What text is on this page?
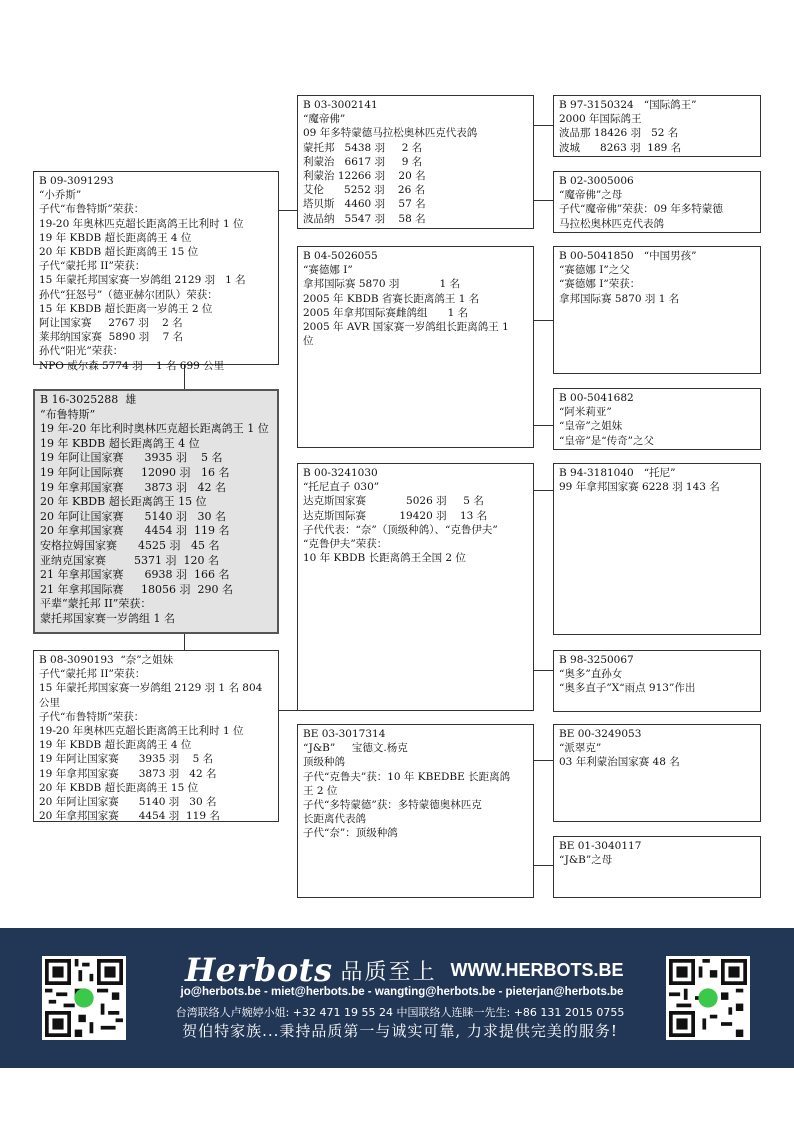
B 09-3091293
“小乔斯”
子代“布鲁特斯”荣获：
19-20 年奥林匹克超长距离鸽王比利时 1 位
19 年 KBDB 超长距离鸽王 4 位
20 年 KBDB 超长距离鸽王 15 位
子代“蒙托邦 II”荣获：
15 年蒙托邦国家赛一岁鸽组 2129 羽   1 名
孙代“狂怒号”（德亚赫尔团队）荣获：
15 年 KBDB 超长距离一岁鸽王 2 位
阿让国家赛     2767 羽    2 名
莱邦纳国家赛  5890 羽    7 名
孙代“阳光”荣获：
NPO 威尔森 5774 羽    1 名 699 公里
B 16-3025288  雄
“布鲁特斯”
19 年-20 年比利时奥林匹克超长距离鸽王 1 位
19 年 KBDB 超长距离鸽王 4 位
19 年阿让国家赛      3935 羽    5 名
19 年阿让国际赛     12090 羽   16 名
19 年拿邦国家赛      3873 羽   42 名
20 年 KBDB 超长距离鸽王 15 位
20 年阿让国家赛      5140 羽   30 名
20 年拿邦国家赛      4454 羽  119 名
安格拉姆国家赛      4525 羽   45 名
亚纳克国家赛        5371 羽  120 名
21 年拿邦国家赛      6938 羽  166 名
21 年拿邦国际赛     18056 羽  290 名
平辈“蒙托邦 II”荣获：
蒙托邦国家赛一岁鸽组 1 名
B 08-3090193  “奈”之姐妹
子代“蒙托邦 II”荣获：
15 年蒙托邦国家赛一岁鸽组 2129 羽 1 名 804
公里
子代“布鲁特斯”荣获：
19-20 年奥林匹克超长距离鸽王比利时 1 位
19 年 KBDB 超长距离鸽王 4 位
19 年阿让国家赛      3935 羽    5 名
19 年拿邦国家赛      3873 羽   42 名
20 年 KBDB 超长距离鸽王 15 位
20 年阿让国家赛      5140 羽   30 名
20 年拿邦国家赛      4454 羽  119 名
B 03-3002141
“魔帝佛”
09 年多特蒙德马拉松奥林匹克代表鸽
蒙托邦   5438 羽     2 名
利蒙治   6617 羽     9 名
利蒙治 12266 羽    20 名
艾伦      5252 羽    26 名
塔贝斯   4460 羽    57 名
波品纳   5547 羽    58 名
B 04-5026055
“赛德娜 I”
拿邦国际赛 5870 羽            1 名
2005 年 KBDB 省赛长距离鸽王 1 名
2005 年拿邦国际赛雌鸽组      1 名
2005 年 AVR 国家赛一岁鸽组长距离鸽王 1
位
B 00-3241030
“托尼直子 030”
达克斯国家赛            5026 羽     5 名
达克斯国际赛          19420 羽    13 名
子代代表：“奈”（顶级种鸽）、“克鲁伊夫”
“克鲁伊夫”荣获：
10 年 KBDB 长距离鸽王全国 2 位
BE 03-3017314
“J&B”     宝德文.杨克
顶级种鸽
子代“克鲁夫”获：10 年 KBEDBE 长距离鸽
王 2 位
子代“多特蒙德”获：多特蒙德奥林匹克
长距离代表鸽
子代“奈”：顶级种鸽
B 97-3150324   “国际鸽王”
2000 年国际鸽王
波品那 18426 羽   52 名
波城      8263 羽  189 名
B 02-3005006
“魔帝佛”之母
子代“魔帝佛”荣获：09 年多特蒙德
马拉松奥林匹克代表鸽
B 00-5041850   “中国男孩”
“赛德娜 I”之父
“赛德娜 I”荣获：
拿邦国际赛 5870 羽 1 名
B 00-5041682
“阿米莉亚”
“皇帝”之姐妹
“皇帝”是“传奇”之父
B 94-3181040   “托尼”
99 年拿邦国家赛 6228 羽 143 名
B 98-3250067
“奥多”直孙女
“奥多直子”X“雨点 913”作出
BE 00-3249053
“派翠克”
03 年利蒙治国家赛 48 名
BE 01-3040117
“J&B”之母
Herbots 品质至上 WWW.HERBOTS.BE
jo@herbots.be - miet@herbots.be - wangting@herbots.be - pieterjan@herbots.be
台湾联络人卢婉婷小姐: +32 471 19 55 24 中国联络人连睐一先生: +86 131 2015 0755
贺伯特家族...秉持品质第一与诚实可靠, 力求提供完美的服务!
